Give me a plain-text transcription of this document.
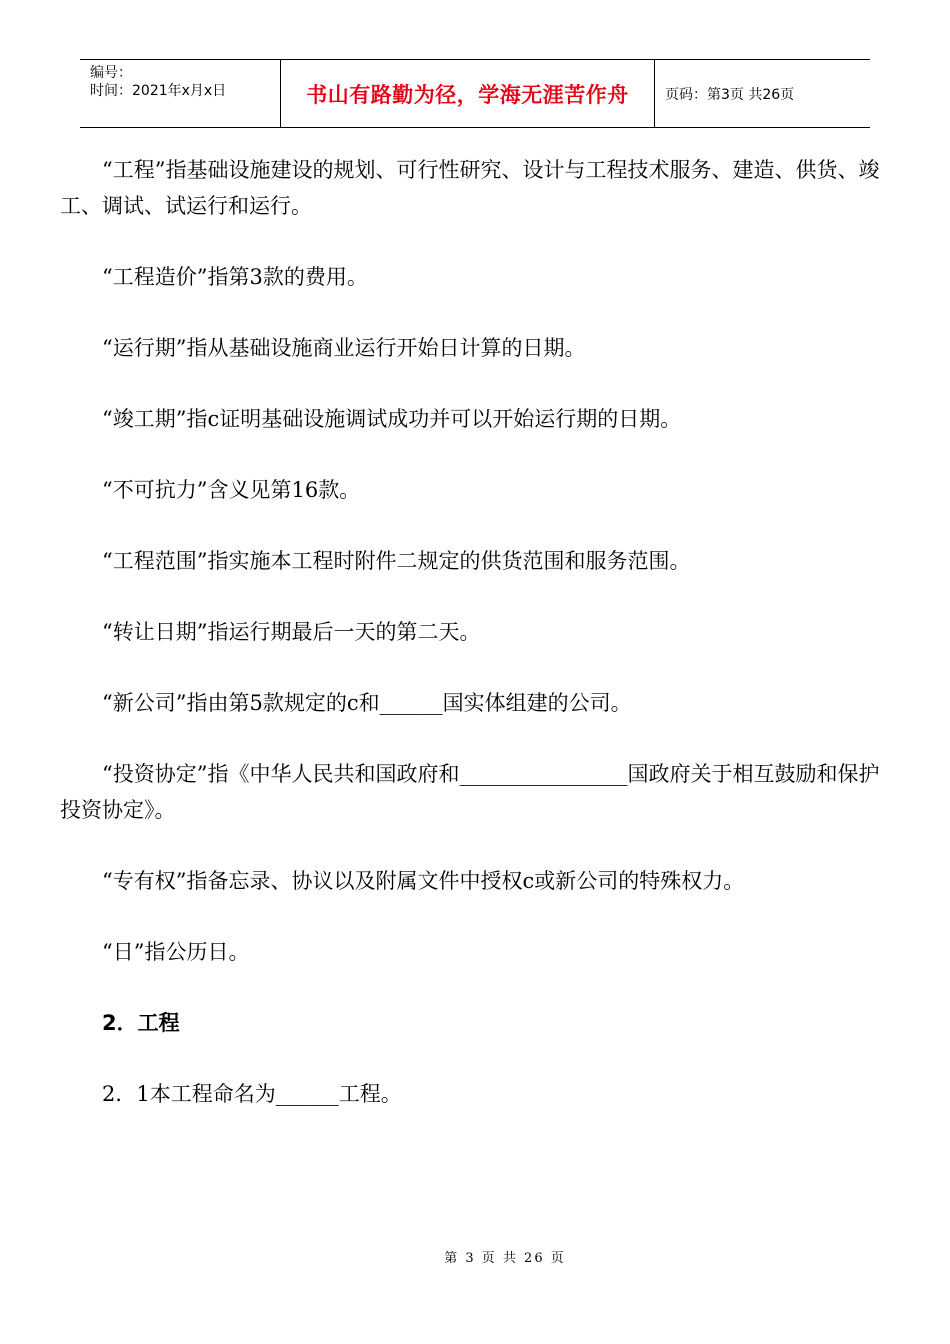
编号：
时间：2021年x月x日	书山有路勤为径，学海无涯苦作舟	页码：第3页 共26页

“工程”指基础设施建设的规划、可行性研究、设计与工程技术服务、建造、供货、竣工、调试、试运行和运行。

“工程造价”指第3款的费用。

“运行期”指从基础设施商业运行开始日计算的日期。

“竣工期”指c证明基础设施调试成功并可以开始运行期的日期。

“不可抗力”含义见第16款。

“工程范围”指实施本工程时附件二规定的供货范围和服务范围。

“转让日期”指运行期最后一天的第二天。

“新公司”指由第5款规定的c和______国实体组建的公司。

“投资协定”指《中华人民共和国政府和________________国政府关于相互鼓励和保护投资协定》。

“专有权”指备忘录、协议以及附属文件中授权c或新公司的特殊权力。

“日”指公历日。

2．工程

2．1本工程命名为______工程。

第 3 页 共 26 页
